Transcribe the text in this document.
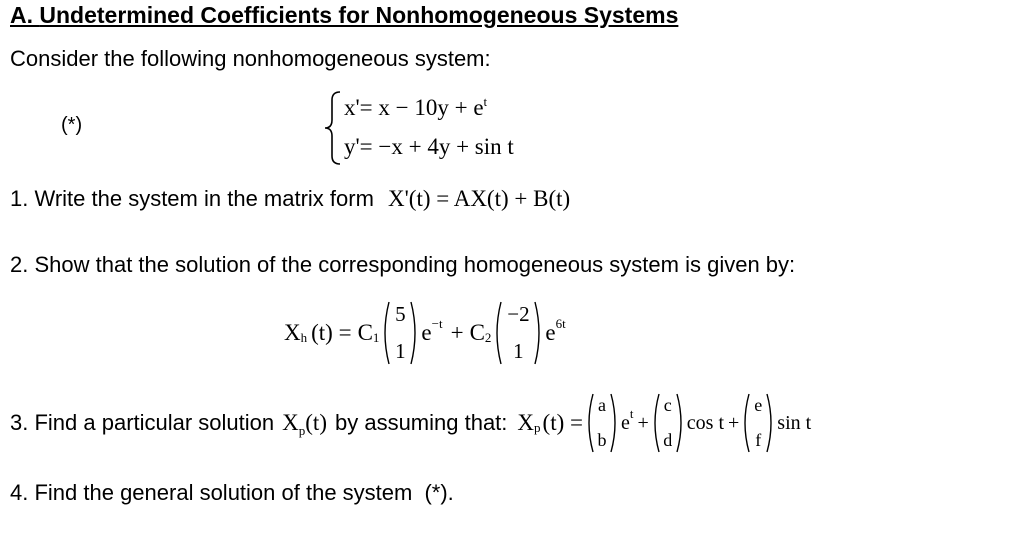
A. Undetermined Coefficients for Nonhomogeneous Systems
Consider the following nonhomogeneous system:
(*)
$x'= x - 10y + e^t$
y'= −x + 4y + sin t
1. Write the system in the matrix form X'(t) = AX(t) + B(t)
2. Show that the solution of the corresponding homogeneous system is given by:
X h (t) = C 1
5
1
e −t + C 2
−2
1
e 6t
3. Find a particular solution $X_p(t)$ by assuming that: X p (t) =
a
b
e t +
c
d
cos t +
e
f
sin t
4. Find the general solution of the system (*).
